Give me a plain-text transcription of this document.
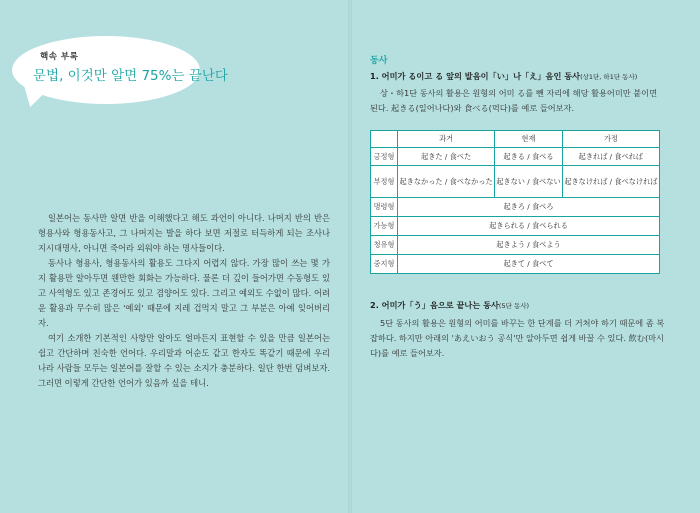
핵속 부록
문법, 이것만 알면 75%는 끝난다

일본어는 동사만 알면 반을 이해했다고 해도 과언이 아니다. 나머지 반의 반은 형용사와 형용동사고, 그 나머지는 발을 하다 보면 저절로 터득하게 되는 조사나 지시대명사, 아니면 죽어라 외워야 하는 명사들이다.

동사나 형용사, 형용동사의 활용도 그다지 어렵지 않다. 가장 많이 쓰는 몇 가지 활용만 알아두면 웬만한 회화는 가능하다. 물론 더 깊이 들어가면 수동형도 있고 사역형도 있고 존경어도 있고 겸양어도 있다. 그리고 예외도 수없이 많다. 어려운 활용과 무수히 많은 '예외' 때문에 지레 겁먹지 말고 그 부분은 아예 잊어버리자.

여기 소개한 기본적인 사항만 알아도 얼마든지 표현할 수 있을 만큼 일본어는 쉽고 간단하며 친숙한 언어다. 우리말과 어순도 같고 한자도 똑같기 때문에 우리나라 사람들 모두는 일본어를 잘할 수 있는 소지가 충분하다. 일단 한번 덤벼보자. 그러면 이렇게 간단한 언어가 있음까 싶을 테니.

동사
1. 어미가 る이고 る 앞의 발음이「い」나「え」음인 동사(상1단, 하1단 동사)
상・하1단 동사의 활용은 원형의 어미 る를 뺀 자리에 해당 활용어미만 붙이면 된다. 起きる(일어나다)와 食べる(먹다)를 예로 들어보자.
	과거	현재	가정
긍정형	起きた / 食べた	起きる / 食べる	起きれば / 食べれば
부정형	起きなかった / 食べなかった	起きない / 食べない	起きなければ / 食べなければ
명령형	起きろ / 食べろ		
가능형	起きられる / 食べられる		
청유형	起きよう / 食べよう		
중지형	起きて / 食べて		
2. 어미가「う」음으로 끝나는 동사(5단 동사)
5단 동사의 활용은 원형의 어미를 바꾸는 한 단계를 더 거쳐야 하기 때문에 좀 복잡하다. 하지만 아래의 'あえいおう 공식'만 알아두면 쉽게 바꿀 수 있다. 飲む(마시다)를 예로 들어보자.
